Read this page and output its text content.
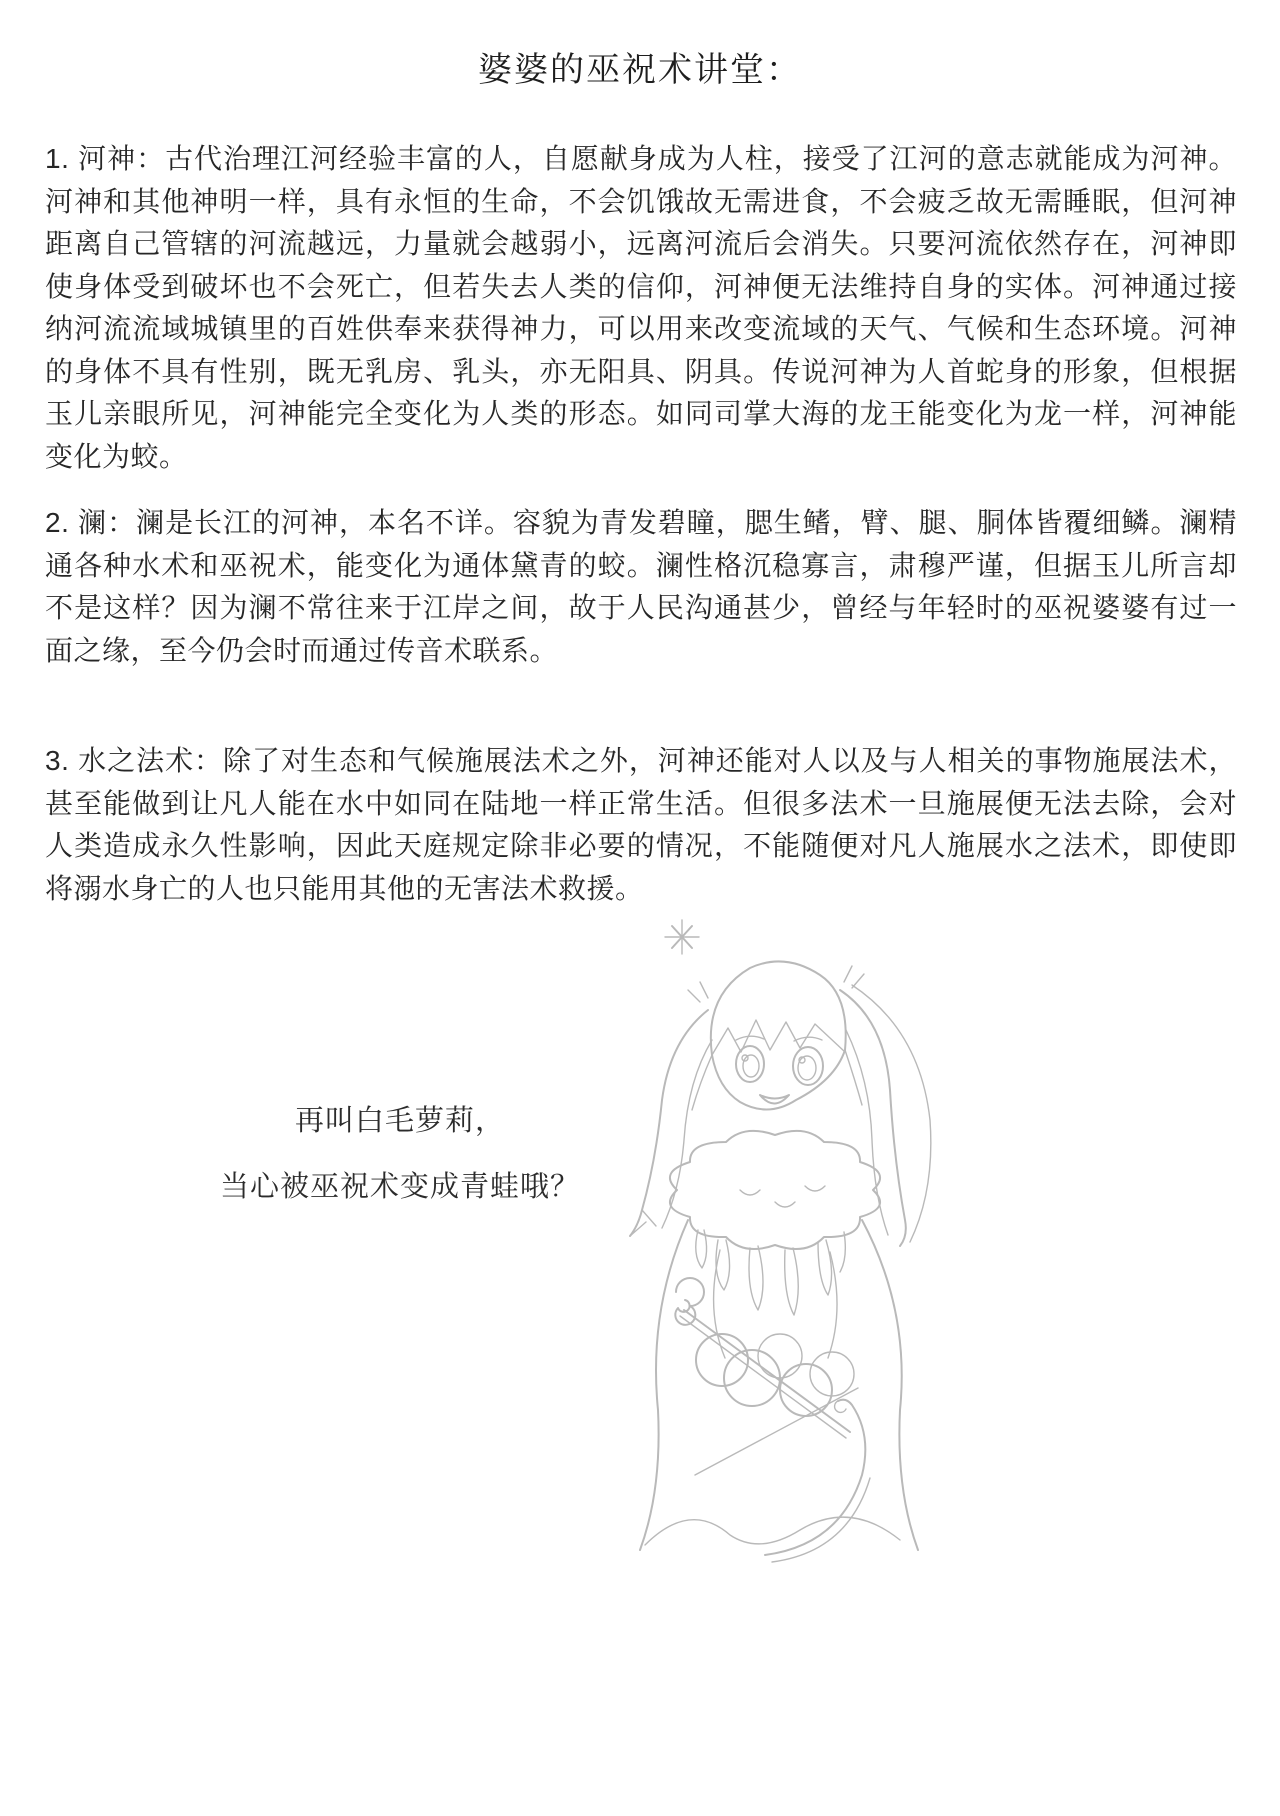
婆婆的巫祝术讲堂：

1. 河神：古代治理江河经验丰富的人，自愿献身成为人柱，接受了江河的意志就能成为河神。河神和其他神明一样，具有永恒的生命，不会饥饿故无需进食，不会疲乏故无需睡眠，但河神距离自己管辖的河流越远，力量就会越弱小，远离河流后会消失。只要河流依然存在，河神即使身体受到破坏也不会死亡，但若失去人类的信仰，河神便无法维持自身的实体。河神通过接纳河流流域城镇里的百姓供奉来获得神力，可以用来改变流域的天气、气候和生态环境。河神的身体不具有性别，既无乳房、乳头，亦无阳具、阴具。传说河神为人首蛇身的形象，但根据玉儿亲眼所见，河神能完全变化为人类的形态。如同司掌大海的龙王能变化为龙一样，河神能变化为蛟。

2. 澜：澜是长江的河神，本名不详。容貌为青发碧瞳，腮生鳍，臂、腿、胴体皆覆细鳞。澜精通各种水术和巫祝术，能变化为通体黛青的蛟。澜性格沉稳寡言，肃穆严谨，但据玉儿所言却不是这样？因为澜不常往来于江岸之间，故于人民沟通甚少，曾经与年轻时的巫祝婆婆有过一面之缘，至今仍会时而通过传音术联系。

3. 水之法术：除了对生态和气候施展法术之外，河神还能对人以及与人相关的事物施展法术，甚至能做到让凡人能在水中如同在陆地一样正常生活。但很多法术一旦施展便无法去除，会对人类造成永久性影响，因此天庭规定除非必要的情况，不能随便对凡人施展水之法术，即使即将溺水身亡的人也只能用其他的无害法术救援。

再叫白毛萝莉，
当心被巫祝术变成青蛙哦？
